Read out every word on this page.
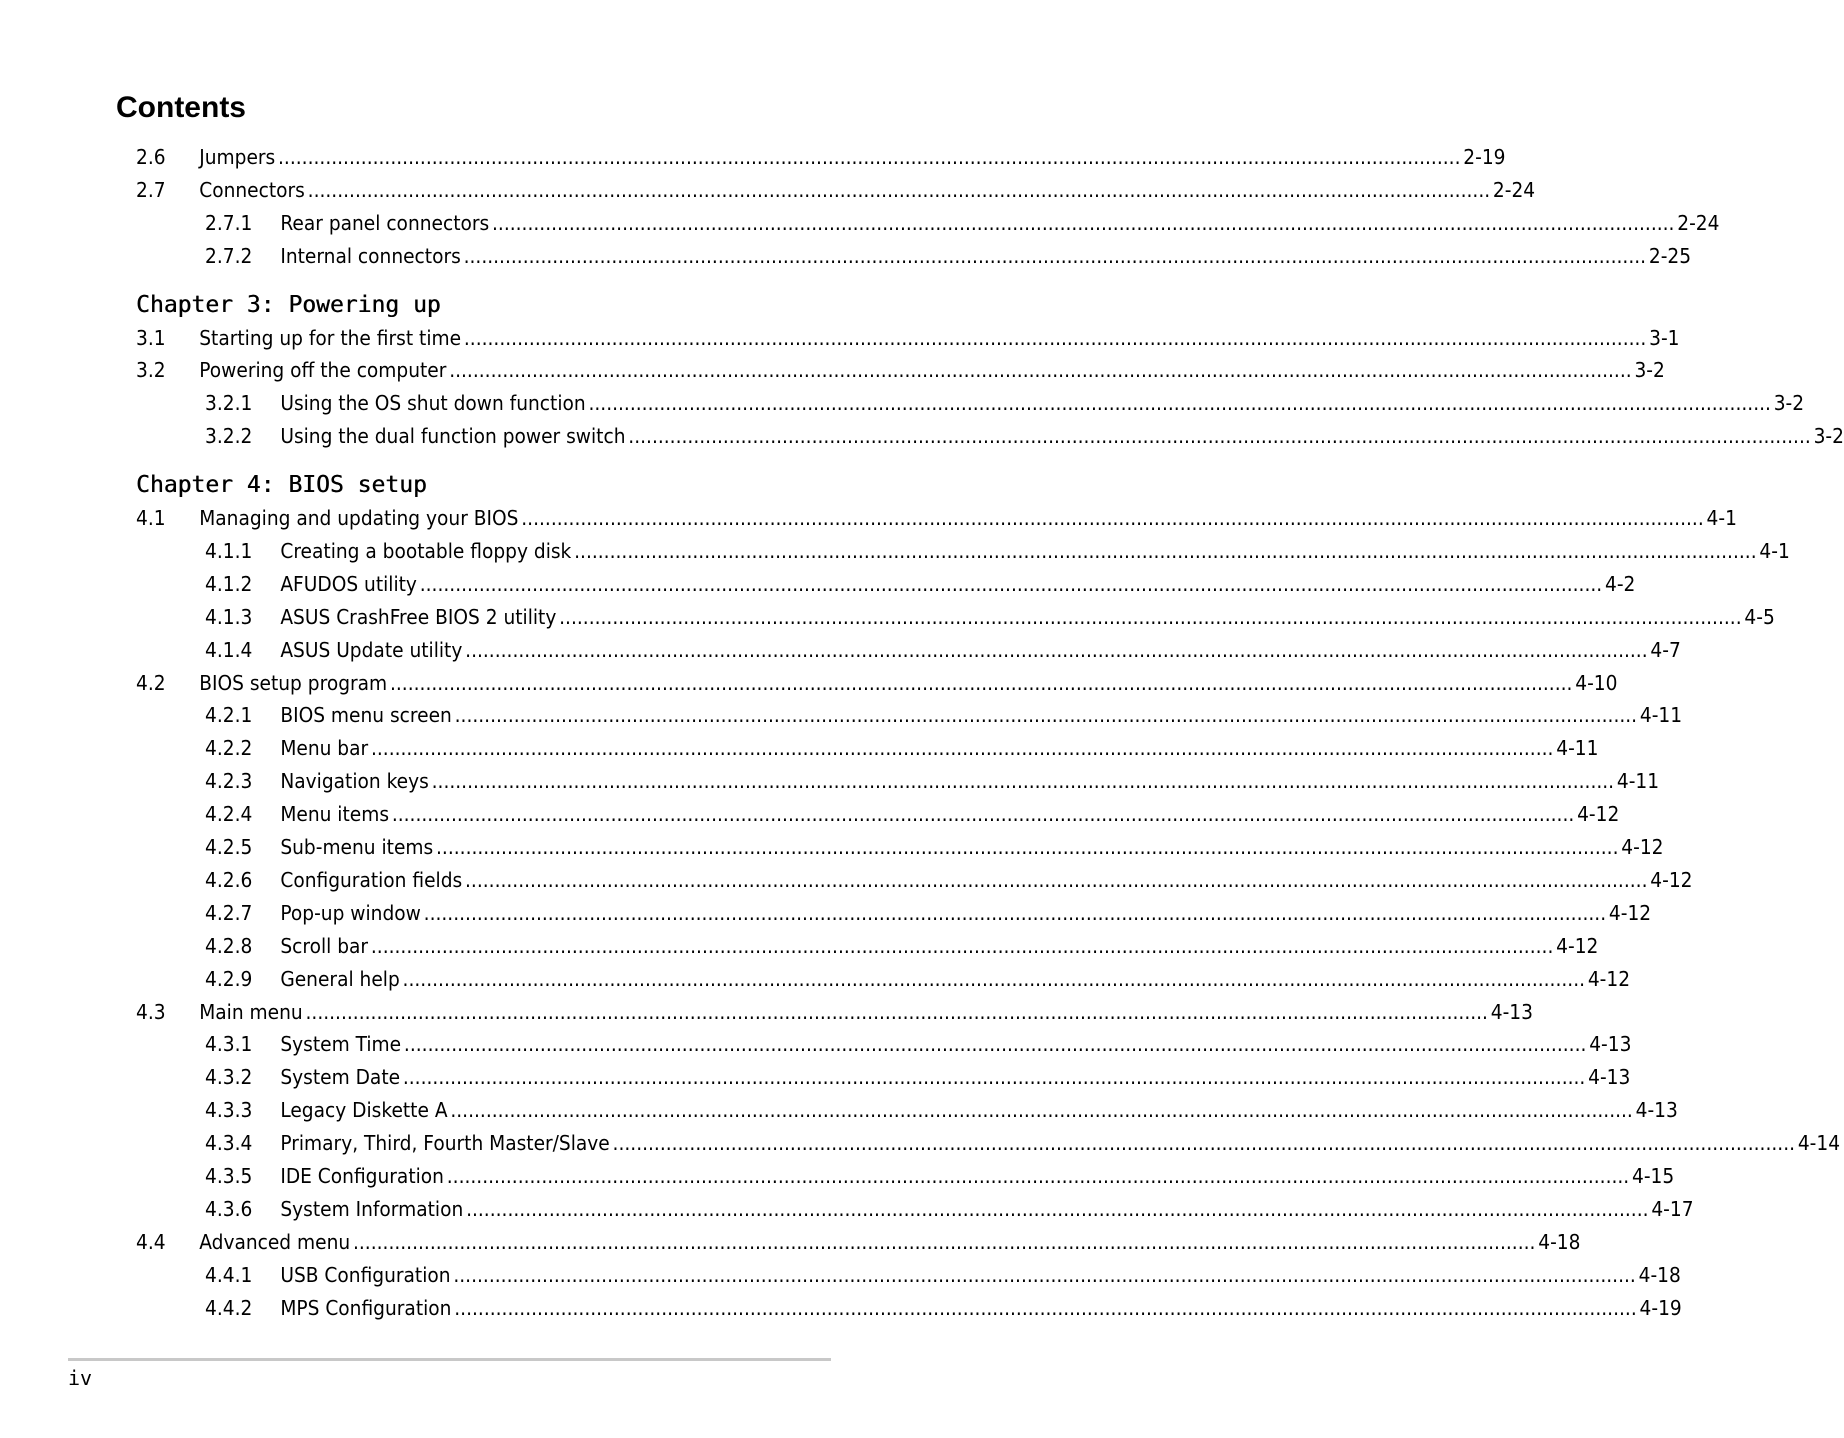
Contents
2.6	Jumpers ........................................................................................................................................................................................................ 2-19
2.7	Connectors ........................................................................................................................................................................................................ 2-24
2.7.1	Rear panel connectors ........................................................................................................................................................................................................ 2-24
2.7.2	Internal connectors ........................................................................................................................................................................................................ 2-25
Chapter 3: Powering up
3.1	Starting up for the first time ........................................................................................................................................................................................................ 3-1
3.2	Powering off the computer ........................................................................................................................................................................................................ 3-2
3.2.1	Using the OS shut down function ........................................................................................................................................................................................................ 3-2
3.2.2	Using the dual function power switch ........................................................................................................................................................................................................ 3-2
Chapter 4: BIOS setup
4.1	Managing and updating your BIOS ........................................................................................................................................................................................................ 4-1
4.1.1	Creating a bootable floppy disk ........................................................................................................................................................................................................ 4-1
4.1.2	AFUDOS utility ........................................................................................................................................................................................................ 4-2
4.1.3	ASUS CrashFree BIOS 2 utility ........................................................................................................................................................................................................ 4-5
4.1.4	ASUS Update utility ........................................................................................................................................................................................................ 4-7
4.2	BIOS setup program ........................................................................................................................................................................................................ 4-10
4.2.1	BIOS menu screen ........................................................................................................................................................................................................ 4-11
4.2.2	Menu bar ........................................................................................................................................................................................................ 4-11
4.2.3	Navigation keys ........................................................................................................................................................................................................ 4-11
4.2.4	Menu items ........................................................................................................................................................................................................ 4-12
4.2.5	Sub-menu items ........................................................................................................................................................................................................ 4-12
4.2.6	Configuration fields ........................................................................................................................................................................................................ 4-12
4.2.7	Pop-up window ........................................................................................................................................................................................................ 4-12
4.2.8	Scroll bar ........................................................................................................................................................................................................ 4-12
4.2.9	General help ........................................................................................................................................................................................................ 4-12
4.3	Main menu ........................................................................................................................................................................................................ 4-13
4.3.1	System Time ........................................................................................................................................................................................................ 4-13
4.3.2	System Date ........................................................................................................................................................................................................ 4-13
4.3.3	Legacy Diskette A ........................................................................................................................................................................................................ 4-13
4.3.4	Primary, Third, Fourth Master/Slave ........................................................................................................................................................................................................ 4-14
4.3.5	IDE Configuration ........................................................................................................................................................................................................ 4-15
4.3.6	System Information ........................................................................................................................................................................................................ 4-17
4.4	Advanced menu ........................................................................................................................................................................................................ 4-18
4.4.1	USB Configuration ........................................................................................................................................................................................................ 4-18
4.4.2	MPS Configuration ........................................................................................................................................................................................................ 4-19
iv
